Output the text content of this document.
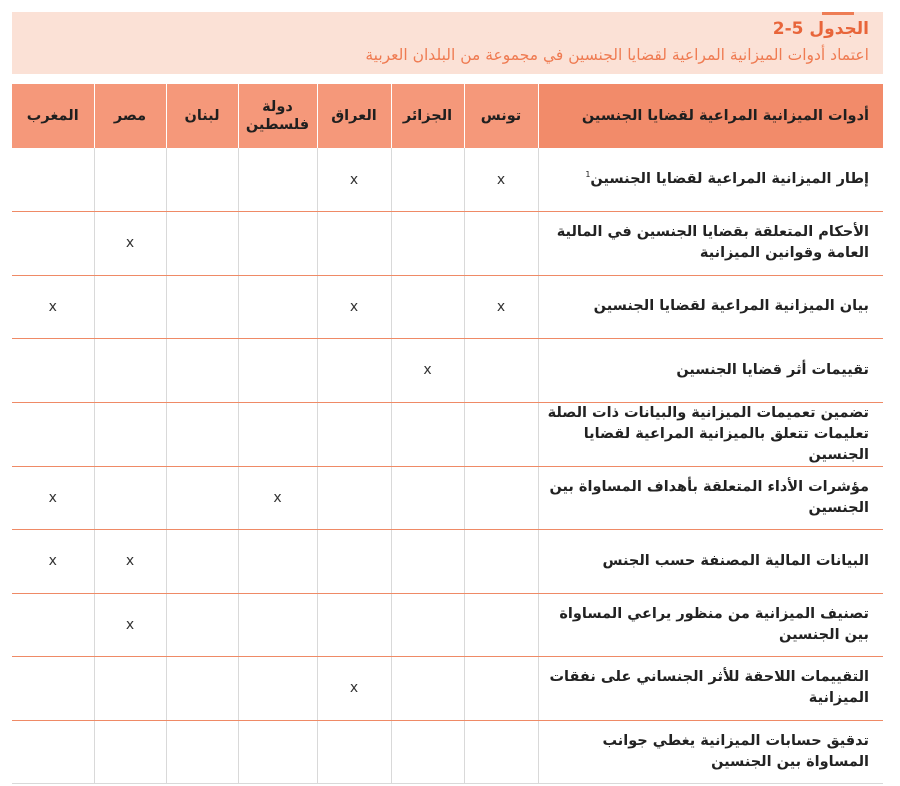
الجدول 5-2
اعتماد أدوات الميزانية المراعية لقضايا الجنسين في مجموعة من البلدان العربية
أدوات الميزانية المراعية لقضايا الجنسين	تونس	الجزائر	العراق	دولة فلسطين	لبنان	مصر	المغرب
إطار الميزانية المراعية لقضايا الجنسين$^1$	x		x				
الأحكام المتعلقة بقضايا الجنسين في المالية العامة وقوانين الميزانية						x	
بيان الميزانية المراعية لقضايا الجنسين	x		x				x
تقييمات أثر قضايا الجنسين		x					
تضمين تعميمات الميزانية والبيانات ذات الصلة تعليمات تتعلق بالميزانية المراعية لقضايا الجنسين							
مؤشرات الأداء المتعلقة بأهداف المساواة بين الجنسين				x			x
البيانات المالية المصنفة حسب الجنس						x	x
تصنيف الميزانية من منظور يراعي المساواة بين الجنسين						x	
التقييمات اللاحقة للأثر الجنساني على نفقات الميزانية			x				
تدقيق حسابات الميزانية يغطي جوانب المساواة بين الجنسين							
